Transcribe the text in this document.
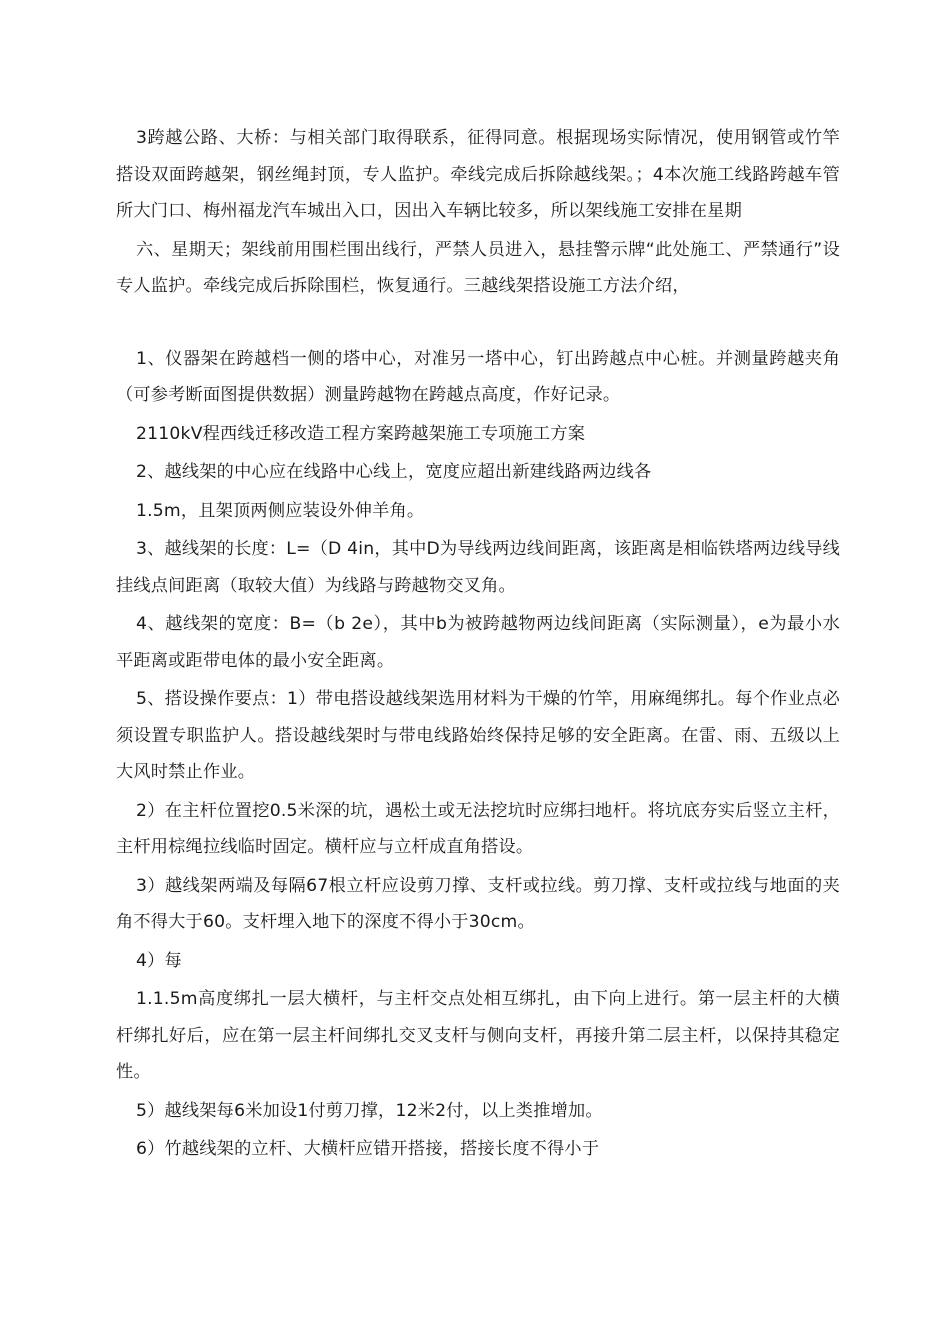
3跨越公路、大桥：与相关部门取得联系，征得同意。根据现场实际情况，使用钢管或竹竿搭设双面跨越架，钢丝绳封顶，专人监护。牵线完成后拆除越线架。；4本次施工线路跨越车管所大门口、梅州福龙汽车城出入口，因出入车辆比较多，所以架线施工安排在星期

六、星期天；架线前用围栏围出线行，严禁人员进入，悬挂警示牌“此处施工、严禁通行”设专人监护。牵线完成后拆除围栏，恢复通行。三越线架搭设施工方法介绍，

1、仪器架在跨越档一侧的塔中心，对准另一塔中心，钉出跨越点中心桩。并测量跨越夹角（可参考断面图提供数据）测量跨越物在跨越点高度，作好记录。

2110kV程西线迁移改造工程方案跨越架施工专项施工方案

2、越线架的中心应在线路中心线上，宽度应超出新建线路两边线各

1.5m，且架顶两侧应装设外伸羊角。

3、越线架的长度：L=（D 4in，其中D为导线两边线间距离，该距离是相临铁塔两边线导线挂线点间距离（取较大值）为线路与跨越物交叉角。

4、越线架的宽度：B=（b 2e），其中b为被跨越物两边线间距离（实际测量），e为最小水平距离或距带电体的最小安全距离。

5、搭设操作要点：1）带电搭设越线架选用材料为干燥的竹竿，用麻绳绑扎。每个作业点必须设置专职监护人。搭设越线架时与带电线路始终保持足够的安全距离。在雷、雨、五级以上大风时禁止作业。

2）在主杆位置挖0.5米深的坑，遇松土或无法挖坑时应绑扫地杆。将坑底夯实后竖立主杆，主杆用棕绳拉线临时固定。横杆应与立杆成直角搭设。

3）越线架两端及每隔67根立杆应设剪刀撑、支杆或拉线。剪刀撑、支杆或拉线与地面的夹角不得大于60。支杆埋入地下的深度不得小于30cm。

4）每

1.1.5m高度绑扎一层大横杆，与主杆交点处相互绑扎，由下向上进行。第一层主杆的大横杆绑扎好后，应在第一层主杆间绑扎交叉支杆与侧向支杆，再接升第二层主杆，以保持其稳定性。

5）越线架每6米加设1付剪刀撑，12米2付，以上类推增加。

6）竹越线架的立杆、大横杆应错开搭接，搭接长度不得小于
